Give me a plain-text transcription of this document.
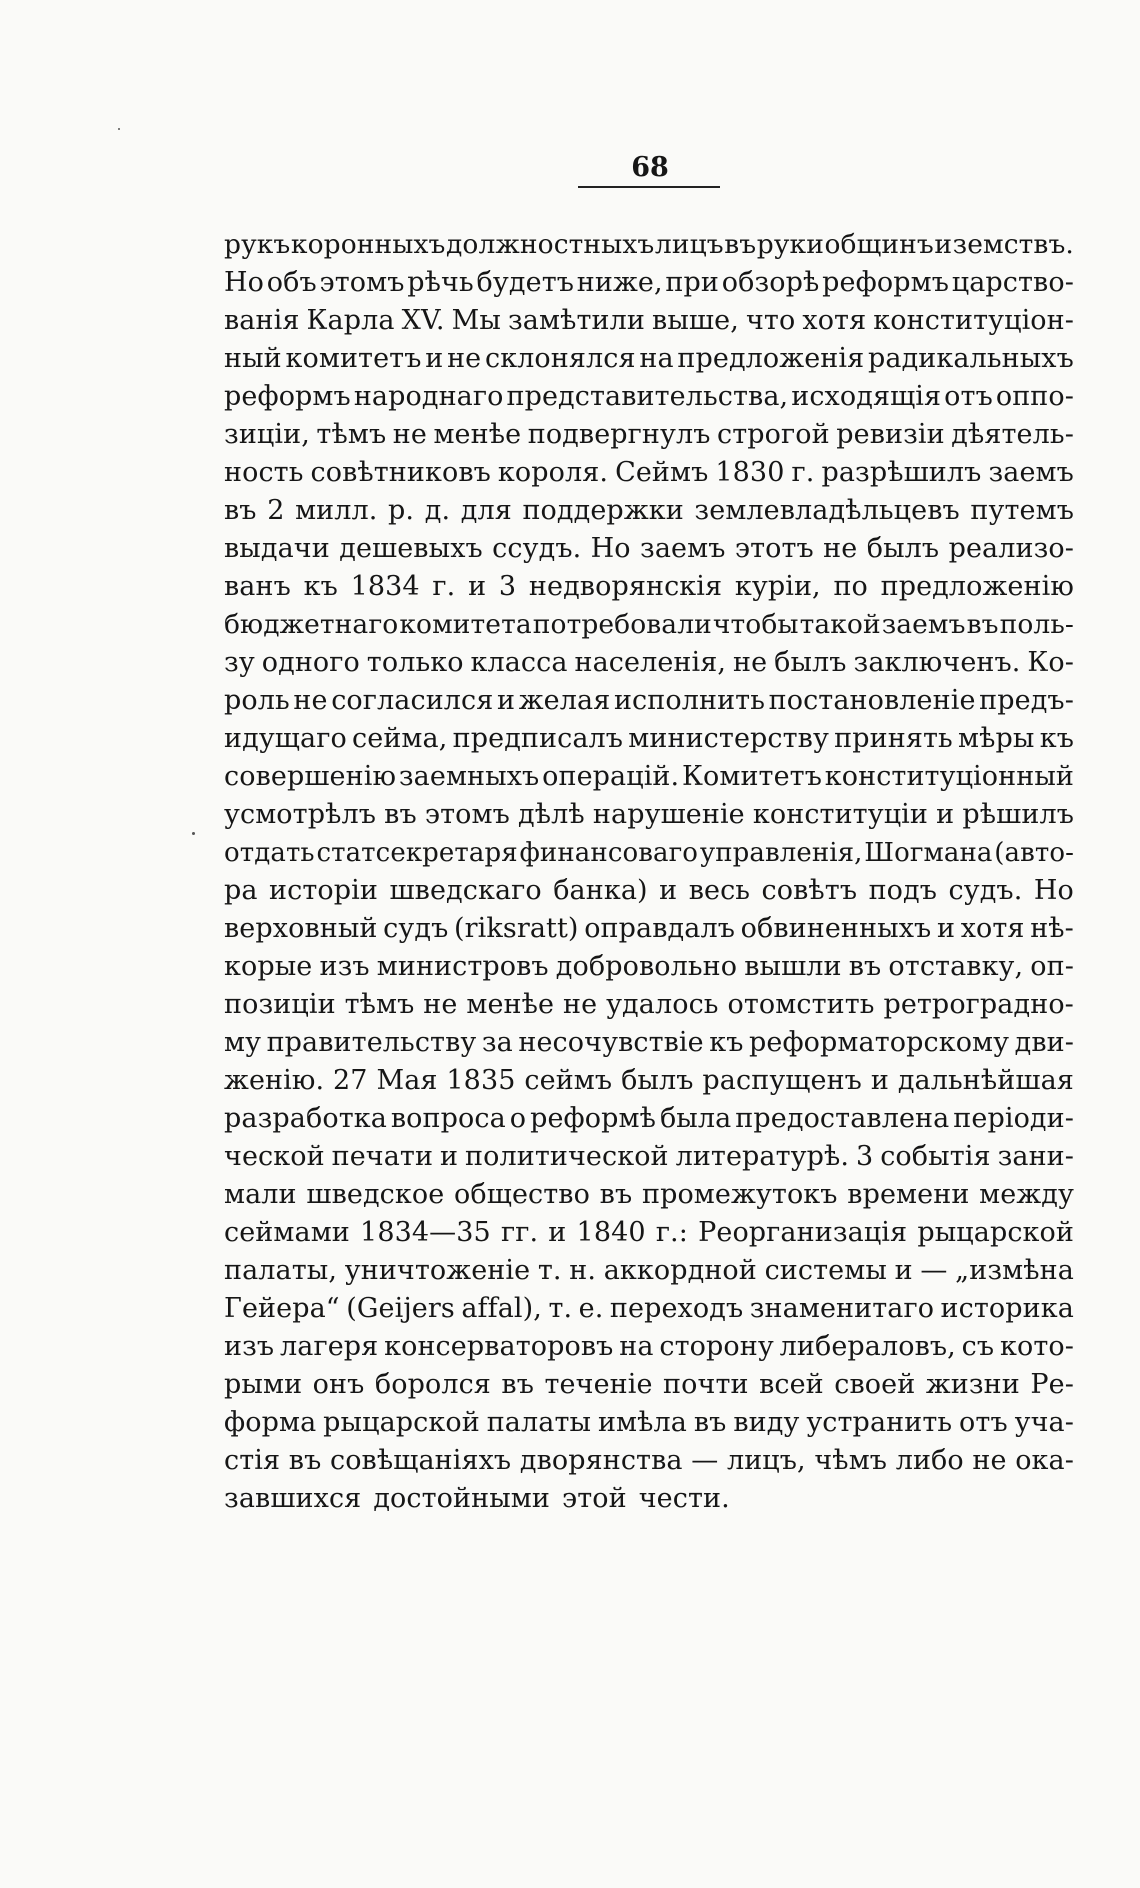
68
рукъ коронныхъ должностныхъ лицъ въ руки общинъ и земствъ.
Но объ этомъ рѣчь будетъ ниже, при обзорѣ реформъ царство-
ванія Карла XV. Мы замѣтили выше, что хотя конституціон-
ный комитетъ и не склонялся на предложенія радикальныхъ
реформъ народнаго представительства, исходящія отъ оппо-
зиціи, тѣмъ не менѣе подвергнулъ строгой ревизіи дѣятель-
ность совѣтниковъ короля. Сеймъ 1830 г. разрѣшилъ заемъ
въ 2 милл. р. д. для поддержки землевладѣльцевъ путемъ
выдачи дешевыхъ ссудъ. Но заемъ этотъ не былъ реализо-
ванъ къ 1834 г. и 3 недворянскія куріи, по предложенію
бюджетнаго комитета потребовали чтобы такой заемъ въ поль-
зу одного только класса населенія, не былъ заключенъ. Ко-
роль не согласился и желая исполнить постановленіе предъ-
идущаго сейма, предписалъ министерству принять мѣры къ
совершенію заемныхъ операцій. Комитетъ конституціонный
усмотрѣлъ въ этомъ дѣлѣ нарушеніе конституціи и рѣшилъ
отдать статсекретаря финансоваго управленія, Шогмана (авто-
ра исторіи шведскаго банка) и весь совѣтъ подъ судъ. Но
верховный судъ (riksratt) оправдалъ обвиненныхъ и хотя нѣ-
корые изъ министровъ добровольно вышли въ отставку, оп-
позиціи тѣмъ не менѣе не удалось отомстить ретроградно-
му правительству за несочувствіе къ реформаторскому дви-
женію. 27 Мая 1835 сеймъ былъ распущенъ и дальнѣйшая
разработка вопроса о реформѣ была предоставлена періоди-
ческой печати и политической литературѣ. 3 событія зани-
мали шведское общество въ промежутокъ времени между
сеймами 1834—35 гг. и 1840 г.: Реорганизація рыцарской
палаты, уничтоженіе т. н. аккордной системы и — „измѣна
Гейера“ (Geijers affal), т. е. переходъ знаменитаго историка
изъ лагеря консерваторовъ на сторону либераловъ, съ кото-
рыми онъ боролся въ теченіе почти всей своей жизни Ре-
форма рыцарской палаты имѣла въ виду устранить отъ уча-
стія въ совѣщаніяхъ дворянства — лицъ, чѣмъ либо не ока-
завшихся достойными этой чести.
